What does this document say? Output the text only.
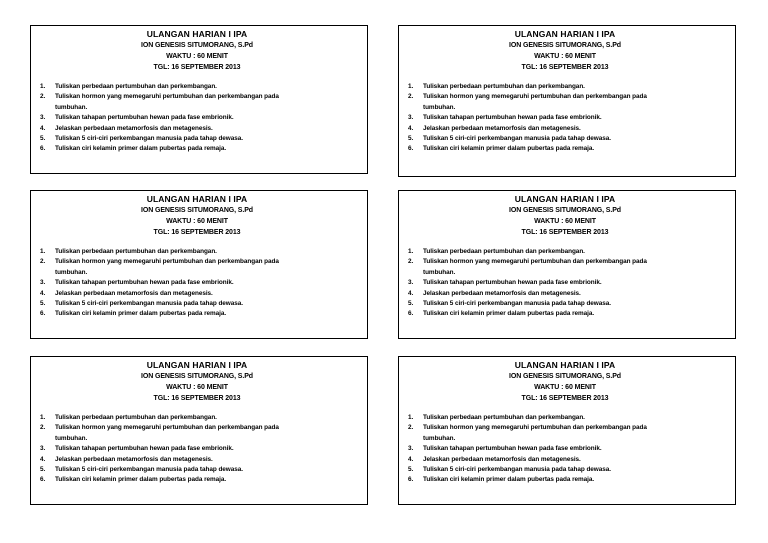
ULANGAN HARIAN I IPA
ION GENESIS SITUMORANG, S.Pd
WAKTU : 60 MENIT
TGL: 16 SEPTEMBER 2013
Tuliskan perbedaan pertumbuhan dan perkembangan.
Tuliskan hormon yang memegaruhi pertumbuhan dan perkembangan pada
tumbuhan.
Tuliskan tahapan pertumbuhan hewan pada fase embrionik.
Jelaskan perbedaan metamorfosis dan metagenesis.
Tuliskan 5 ciri-ciri perkembangan manusia pada tahap dewasa.
Tuliskan ciri kelamin primer dalam pubertas pada remaja.
ULANGAN HARIAN I IPA
ION GENESIS SITUMORANG, S.Pd
WAKTU : 60 MENIT
TGL: 16 SEPTEMBER 2013
Tuliskan perbedaan pertumbuhan dan perkembangan.
Tuliskan hormon yang memegaruhi pertumbuhan dan perkembangan pada
tumbuhan.
Tuliskan tahapan pertumbuhan hewan pada fase embrionik.
Jelaskan perbedaan metamorfosis dan metagenesis.
Tuliskan 5 ciri-ciri perkembangan manusia pada tahap dewasa.
Tuliskan ciri kelamin primer dalam pubertas pada remaja.
ULANGAN HARIAN I IPA
ION GENESIS SITUMORANG, S.Pd
WAKTU : 60 MENIT
TGL: 16 SEPTEMBER 2013
Tuliskan perbedaan pertumbuhan dan perkembangan.
Tuliskan hormon yang memegaruhi pertumbuhan dan perkembangan pada
tumbuhan.
Tuliskan tahapan pertumbuhan hewan pada fase embrionik.
Jelaskan perbedaan metamorfosis dan metagenesis.
Tuliskan 5 ciri-ciri perkembangan manusia pada tahap dewasa.
Tuliskan ciri kelamin primer dalam pubertas pada remaja.
ULANGAN HARIAN I IPA
ION GENESIS SITUMORANG, S.Pd
WAKTU : 60 MENIT
TGL: 16 SEPTEMBER 2013
Tuliskan perbedaan pertumbuhan dan perkembangan.
Tuliskan hormon yang memegaruhi pertumbuhan dan perkembangan pada
tumbuhan.
Tuliskan tahapan pertumbuhan hewan pada fase embrionik.
Jelaskan perbedaan metamorfosis dan metagenesis.
Tuliskan 5 ciri-ciri perkembangan manusia pada tahap dewasa.
Tuliskan ciri kelamin primer dalam pubertas pada remaja.
ULANGAN HARIAN I IPA
ION GENESIS SITUMORANG, S.Pd
WAKTU : 60 MENIT
TGL: 16 SEPTEMBER 2013
Tuliskan perbedaan pertumbuhan dan perkembangan.
Tuliskan hormon yang memegaruhi pertumbuhan dan perkembangan pada
tumbuhan.
Tuliskan tahapan pertumbuhan hewan pada fase embrionik.
Jelaskan perbedaan metamorfosis dan metagenesis.
Tuliskan 5 ciri-ciri perkembangan manusia pada tahap dewasa.
Tuliskan ciri kelamin primer dalam pubertas pada remaja.
ULANGAN HARIAN I IPA
ION GENESIS SITUMORANG, S.Pd
WAKTU : 60 MENIT
TGL: 16 SEPTEMBER 2013
Tuliskan perbedaan pertumbuhan dan perkembangan.
Tuliskan hormon yang memegaruhi pertumbuhan dan perkembangan pada
tumbuhan.
Tuliskan tahapan pertumbuhan hewan pada fase embrionik.
Jelaskan perbedaan metamorfosis dan metagenesis.
Tuliskan 5 ciri-ciri perkembangan manusia pada tahap dewasa.
Tuliskan ciri kelamin primer dalam pubertas pada remaja.
